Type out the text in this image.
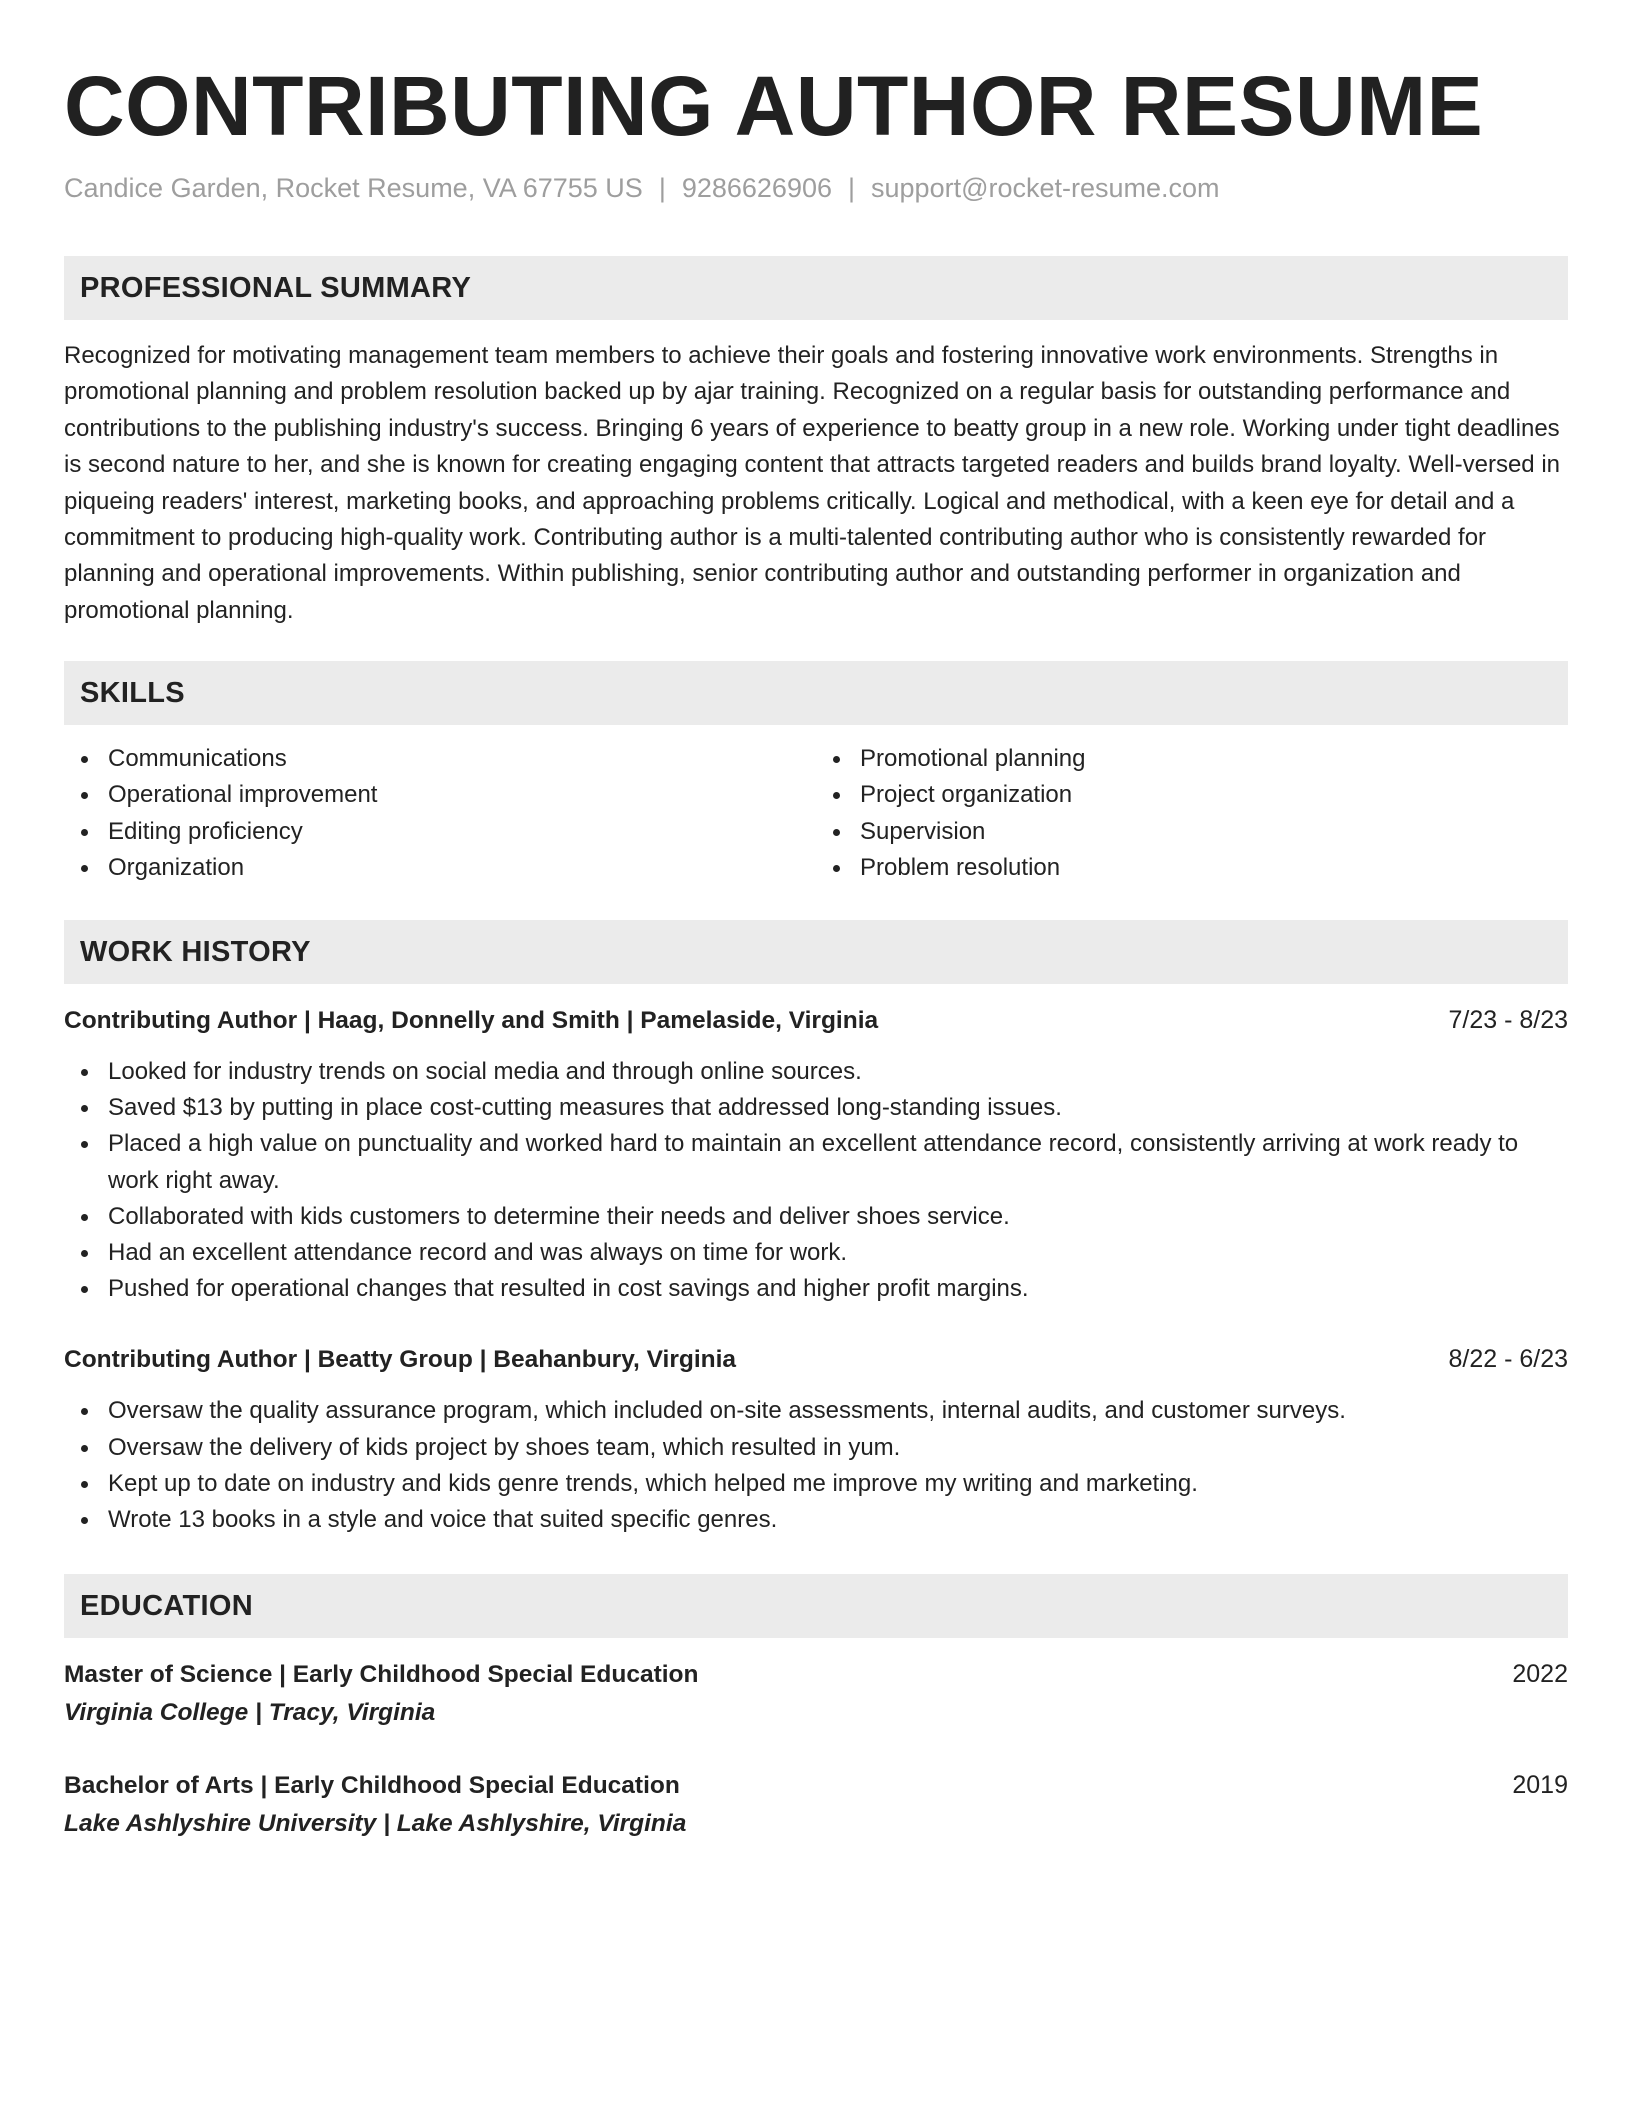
CONTRIBUTING AUTHOR RESUME
Candice Garden, Rocket Resume, VA 67755 US | 9286626906 | support@rocket-resume.com
PROFESSIONAL SUMMARY

Recognized for motivating management team members to achieve their goals and fostering innovative work environments. Strengths in promotional planning and problem resolution backed up by ajar training. Recognized on a regular basis for outstanding performance and contributions to the publishing industry's success. Bringing 6 years of experience to beatty group in a new role. Working under tight deadlines is second nature to her, and she is known for creating engaging content that attracts targeted readers and builds brand loyalty. Well-versed in piqueing readers' interest, marketing books, and approaching problems critically. Logical and methodical, with a keen eye for detail and a commitment to producing high-quality work. Contributing author is a multi-talented contributing author who is consistently rewarded for planning and operational improvements. Within publishing, senior contributing author and outstanding performer in organization and promotional planning.

SKILLS
Communications
Operational improvement
Editing proficiency
Organization
Promotional planning
Project organization
Supervision
Problem resolution
WORK HISTORY
Contributing Author | Haag, Donnelly and Smith | Pamelaside, Virginia	7/23 - 8/23
Looked for industry trends on social media and through online sources.
Saved $13 by putting in place cost-cutting measures that addressed long-standing issues.
Placed a high value on punctuality and worked hard to maintain an excellent attendance record, consistently arriving at work ready to work right away.
Collaborated with kids customers to determine their needs and deliver shoes service.
Had an excellent attendance record and was always on time for work.
Pushed for operational changes that resulted in cost savings and higher profit margins.
Contributing Author | Beatty Group | Beahanbury, Virginia	8/22 - 6/23
Oversaw the quality assurance program, which included on-site assessments, internal audits, and customer surveys.
Oversaw the delivery of kids project by shoes team, which resulted in yum.
Kept up to date on industry and kids genre trends, which helped me improve my writing and marketing.
Wrote 13 books in a style and voice that suited specific genres.
EDUCATION
Master of Science | Early Childhood Special Education	2022
Virginia College | Tracy, Virginia
Bachelor of Arts | Early Childhood Special Education	2019
Lake Ashlyshire University | Lake Ashlyshire, Virginia
